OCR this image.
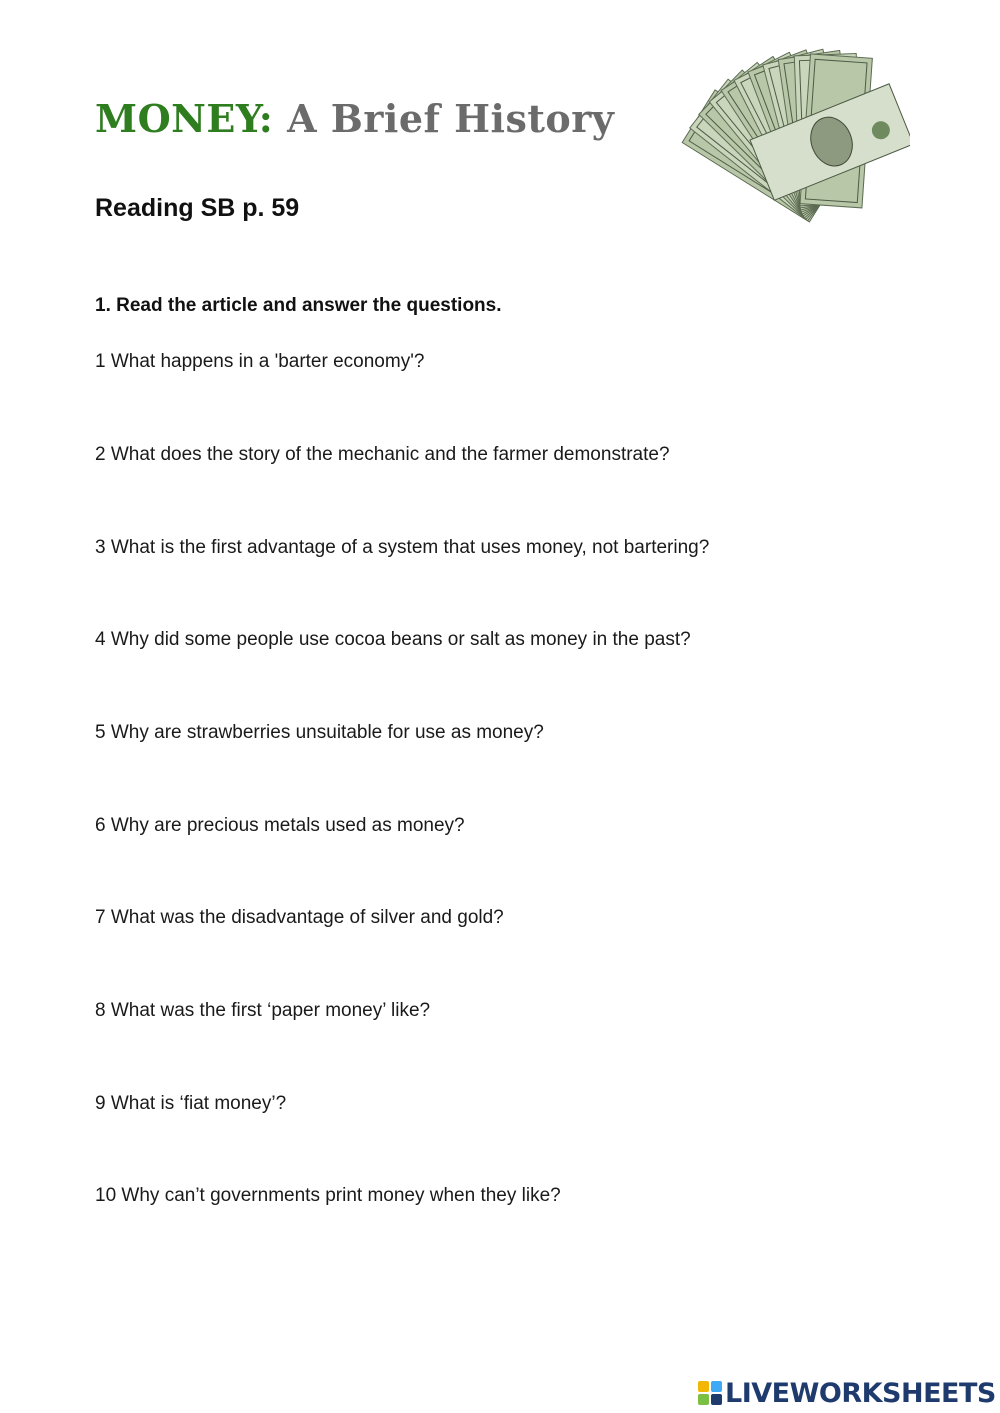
MONEY: A Brief History
Reading SB p. 59

1. Read the article and answer the questions.

1 What happens in a 'barter economy'?

2 What does the story of the mechanic and the farmer demonstrate?

3 What is the first advantage of a system that uses money, not bartering?

4 Why did some people use cocoa beans or salt as money in the past?

5 Why are strawberries unsuitable for use as money?

6 Why are precious metals used as money?

7 What was the disadvantage of silver and gold?

8 What was the first ‘paper money’ like?

9 What is ‘fiat money’?

10 Why can’t governments print money when they like?

LIVEWORKSHEETS
